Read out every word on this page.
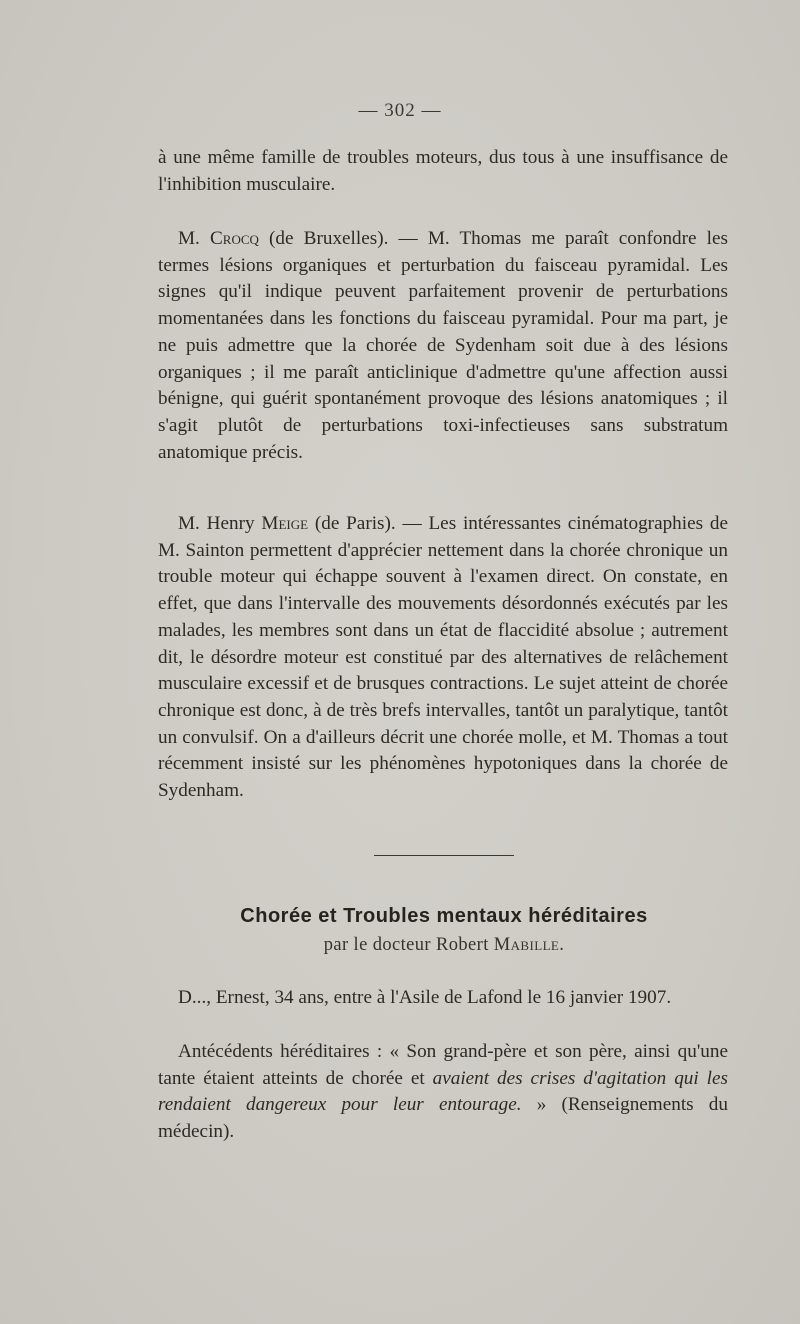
— 302 —

à une même famille de troubles moteurs, dus tous à une insuffisance de l'inhibition musculaire.

M. Crocq (de Bruxelles). — M. Thomas me paraît confondre les termes lésions organiques et perturbation du faisceau pyramidal. Les signes qu'il indique peuvent parfaitement provenir de perturbations momentanées dans les fonctions du faisceau pyramidal. Pour ma part, je ne puis admettre que la chorée de Sydenham soit due à des lésions organiques ; il me paraît anticlinique d'admettre qu'une affection aussi bénigne, qui guérit spontanément provoque des lésions anatomiques ; il s'agit plutôt de perturbations toxi-infectieuses sans substratum anatomique précis.

M. Henry Meige (de Paris). — Les intéressantes cinématographies de M. Sainton permettent d'apprécier nettement dans la chorée chronique un trouble moteur qui échappe souvent à l'examen direct. On constate, en effet, que dans l'intervalle des mouvements désordonnés exécutés par les malades, les membres sont dans un état de flaccidité absolue ; autrement dit, le désordre moteur est constitué par des alternatives de relâchement musculaire excessif et de brusques contractions. Le sujet atteint de chorée chronique est donc, à de très brefs intervalles, tantôt un paralytique, tantôt un convulsif. On a d'ailleurs décrit une chorée molle, et M. Thomas a tout récemment insisté sur les phénomènes hypotoniques dans la chorée de Sydenham.

Chorée et Troubles mentaux héréditaires
par le docteur Robert Mabille.

D..., Ernest, 34 ans, entre à l'Asile de Lafond le 16 janvier 1907.

Antécédents héréditaires : « Son grand-père et son père, ainsi qu'une tante étaient atteints de chorée et avaient des crises d'agitation qui les rendaient dangereux pour leur entourage. » (Renseignements du médecin).
